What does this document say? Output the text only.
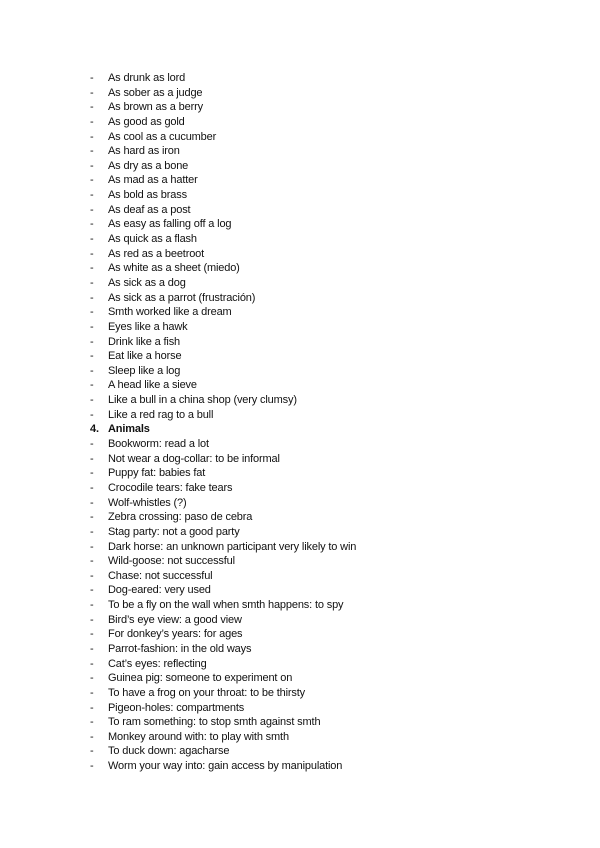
-	As drunk as lord
-	As sober as a judge
-	As brown as a berry
-	As good as gold
-	As cool as a cucumber
-	As hard as iron
-	As dry as a bone
-	As mad as a hatter
-	As bold as brass
-	As deaf as a post
-	As easy as falling off a log
-	As quick as a flash
-	As red as a beetroot
-	As white as a sheet (miedo)
-	As sick as a dog
-	As sick as a parrot (frustración)
-	Smth worked like a dream
-	Eyes like a hawk
-	Drink like a fish
-	Eat like a horse
-	Sleep like a log
-	A head like a sieve
-	Like a bull in a china shop (very clumsy)
-	Like a red rag to a bull
4. Animals
-	Bookworm: read a lot
-	Not wear a dog-collar: to be informal
-	Puppy fat: babies fat
-	Crocodile tears: fake tears
-	Wolf-whistles (?)
-	Zebra crossing: paso de cebra
-	Stag party: not a good party
-	Dark horse: an unknown participant very likely to win
-	Wild-goose: not successful
-	Chase: not successful
-	Dog-eared: very used
-	To be a fly on the wall when smth happens: to spy
-	Bird’s eye view: a good view
-	For donkey’s years: for ages
-	Parrot-fashion: in the old ways
-	Cat’s eyes: reflecting
-	Guinea pig: someone to experiment on
-	To have a frog on your throat: to be thirsty
-	Pigeon-holes: compartments
-	To ram something: to stop smth against smth
-	Monkey around with: to play with smth
-	To duck down: agacharse
-	Worm your way into: gain access by manipulation
